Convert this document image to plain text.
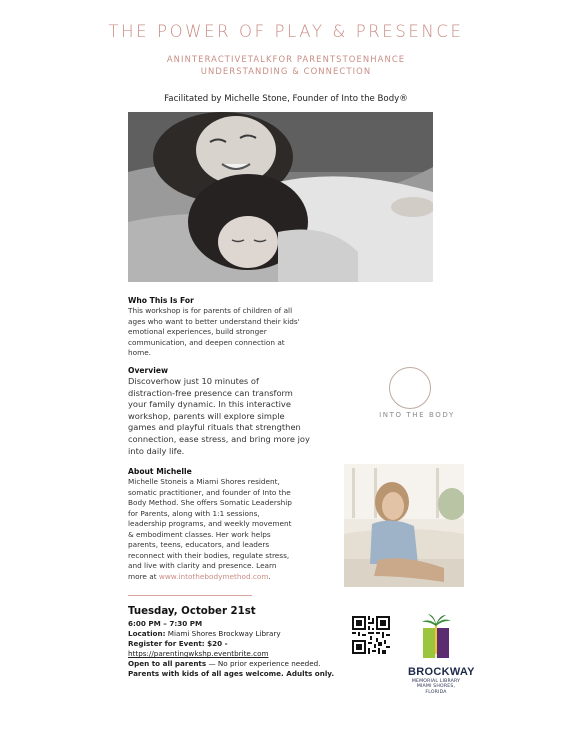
THE POWER OF PLAY & PRESENCE
ANINTERACTIVETALKFOR PARENTSTOENHANCE
UNDERSTANDING & CONNECTION
Facilitated by Michelle Stone, Founder of Into the Body®
Who This Is For
This workshop is for parents of children of all
ages who want to better understand their kids'
emotional experiences, build stronger
communication, and deepen connection at
home.
Overview
Discoverhow just 10 minutes of
distraction-free presence can transform
your family dynamic. In this interactive
workshop, parents will explore simple
games and playful rituals that strengthen
connection, ease stress, and bring more joy
into daily life.
INTO THE BODY
About Michelle
Michelle Stoneis a Miami Shores resident,
somatic practitioner, and founder of Into the
Body Method. She offers Somatic Leadership
for Parents, along with 1:1 sessions,
leadership programs, and weekly movement
& embodiment classes. Her work helps
parents, teens, educators, and leaders
reconnect with their bodies, regulate stress,
and live with clarity and presence. Learn
more at www.intothebodymethod.com.
Tuesday, October 21st
6:00 PM – 7:30 PM
Location: Miami Shores Brockway Library
Register for Event: $20 -
https://parentingwkshp.eventbrite.com
Open to all parents — No prior experience needed.
Parents with kids of all ages welcome. Adults only.	BROCKWAY
MEMORIAL LIBRARY
MIAMI SHORES, FLORIDA
